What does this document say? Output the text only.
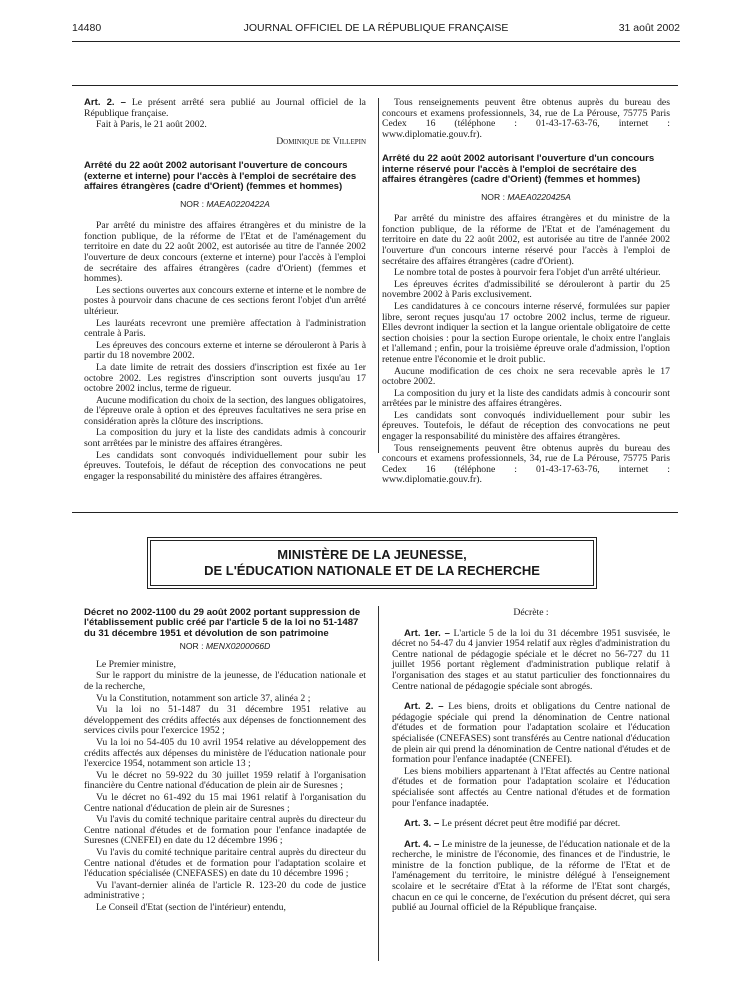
14480	JOURNAL OFFICIEL DE LA RÉPUBLIQUE FRANÇAISE	31 août 2002

Art. 2. – Le présent arrêté sera publié au Journal officiel de la République française.

Fait à Paris, le 21 août 2002.

Dominique de Villepin

Arrêté du 22 août 2002 autorisant l'ouverture de concours (externe et interne) pour l'accès à l'emploi de secrétaire des affaires étrangères (cadre d'Orient) (femmes et hommes)
NOR : MAEA0220422A

Par arrêté du ministre des affaires étrangères et du ministre de la fonction publique, de la réforme de l'Etat et de l'aménagement du territoire en date du 22 août 2002, est autorisée au titre de l'année 2002 l'ouverture de deux concours (externe et interne) pour l'accès à l'emploi de secrétaire des affaires étrangères (cadre d'Orient) (femmes et hommes).

Les sections ouvertes aux concours externe et interne et le nombre de postes à pourvoir dans chacune de ces sections feront l'objet d'un arrêté ultérieur.

Les lauréats recevront une première affectation à l'administration centrale à Paris.

Les épreuves des concours externe et interne se dérouleront à Paris à partir du 18 novembre 2002.

La date limite de retrait des dossiers d'inscription est fixée au 1er octobre 2002. Les registres d'inscription sont ouverts jusqu'au 17 octobre 2002 inclus, terme de rigueur.

Aucune modification du choix de la section, des langues obligatoires, de l'épreuve orale à option et des épreuves facultatives ne sera prise en considération après la clôture des inscriptions.

La composition du jury et la liste des candidats admis à concourir sont arrêtées par le ministre des affaires étrangères.

Les candidats sont convoqués individuellement pour subir les épreuves. Toutefois, le défaut de réception des convocations ne peut engager la responsabilité du ministère des affaires étrangères.

Tous renseignements peuvent être obtenus auprès du bureau des concours et examens professionnels, 34, rue de La Pérouse, 75775 Paris Cedex 16 (téléphone : 01-43-17-63-76, internet : www.diplomatie.gouv.fr).

Arrêté du 22 août 2002 autorisant l'ouverture d'un concours interne réservé pour l'accès à l'emploi de secrétaire des affaires étrangères (cadre d'Orient) (femmes et hommes)
NOR : MAEA0220425A

Par arrêté du ministre des affaires étrangères et du ministre de la fonction publique, de la réforme de l'Etat et de l'aménagement du territoire en date du 22 août 2002, est autorisée au titre de l'année 2002 l'ouverture d'un concours interne réservé pour l'accès à l'emploi de secrétaire des affaires étrangères (cadre d'Orient).

Le nombre total de postes à pourvoir fera l'objet d'un arrêté ultérieur.

Les épreuves écrites d'admissibilité se dérouleront à partir du 25 novembre 2002 à Paris exclusivement.

Les candidatures à ce concours interne réservé, formulées sur papier libre, seront reçues jusqu'au 17 octobre 2002 inclus, terme de rigueur. Elles devront indiquer la section et la langue orientale obligatoire de cette section choisies : pour la section Europe orientale, le choix entre l'anglais et l'allemand ; enfin, pour la troisième épreuve orale d'admission, l'option retenue entre l'économie et le droit public.

Aucune modification de ces choix ne sera recevable après le 17 octobre 2002.

La composition du jury et la liste des candidats admis à concourir sont arrêtées par le ministre des affaires étrangères.

Les candidats sont convoqués individuellement pour subir les épreuves. Toutefois, le défaut de réception des convocations ne peut engager la responsabilité du ministère des affaires étrangères.

Tous renseignements peuvent être obtenus auprès du bureau des concours et examens professionnels, 34, rue de La Pérouse, 75775 Paris Cedex 16 (téléphone : 01-43-17-63-76, internet : www.diplomatie.gouv.fr).

MINISTÈRE DE LA JEUNESSE,
DE L'ÉDUCATION NATIONALE ET DE LA RECHERCHE
Décret no 2002-1100 du 29 août 2002 portant suppression de l'établissement public créé par l'article 5 de la loi no 51-1487 du 31 décembre 1951 et dévolution de son patrimoine
NOR : MENX0200066D

Le Premier ministre,

Sur le rapport du ministre de la jeunesse, de l'éducation nationale et de la recherche,

Vu la Constitution, notamment son article 37, alinéa 2 ;

Vu la loi no 51-1487 du 31 décembre 1951 relative au développement des crédits affectés aux dépenses de fonctionnement des services civils pour l'exercice 1952 ;

Vu la loi no 54-405 du 10 avril 1954 relative au développement des crédits affectés aux dépenses du ministère de l'éducation nationale pour l'exercice 1954, notamment son article 13 ;

Vu le décret no 59-922 du 30 juillet 1959 relatif à l'organisation financière du Centre national d'éducation de plein air de Suresnes ;

Vu le décret no 61-492 du 15 mai 1961 relatif à l'organisation du Centre national d'éducation de plein air de Suresnes ;

Vu l'avis du comité technique paritaire central auprès du directeur du Centre national d'études et de formation pour l'enfance inadaptée de Suresnes (CNEFEI) en date du 12 décembre 1996 ;

Vu l'avis du comité technique paritaire central auprès du directeur du Centre national d'études et de formation pour l'adaptation scolaire et l'éducation spécialisée (CNEFASES) en date du 10 décembre 1996 ;

Vu l'avant-dernier alinéa de l'article R. 123-20 du code de justice administrative ;

Le Conseil d'Etat (section de l'intérieur) entendu,

Décrète :

Art. 1er. – L'article 5 de la loi du 31 décembre 1951 susvisée, le décret no 54-47 du 4 janvier 1954 relatif aux règles d'administration du Centre national de pédagogie spéciale et le décret no 56-727 du 11 juillet 1956 portant règlement d'administration publique relatif à l'organisation des stages et au statut particulier des fonctionnaires du Centre national de pédagogie spéciale sont abrogés.

Art. 2. – Les biens, droits et obligations du Centre national de pédagogie spéciale qui prend la dénomination de Centre national d'études et de formation pour l'adaptation scolaire et l'éducation spécialisée (CNEFASES) sont transférés au Centre national d'éducation de plein air qui prend la dénomination de Centre national d'études et de formation pour l'enfance inadaptée (CNEFEI).

Les biens mobiliers appartenant à l'Etat affectés au Centre national d'études et de formation pour l'adaptation scolaire et l'éducation spécialisée sont affectés au Centre national d'études et de formation pour l'enfance inadaptée.

Art. 3. – Le présent décret peut être modifié par décret.

Art. 4. – Le ministre de la jeunesse, de l'éducation nationale et de la recherche, le ministre de l'économie, des finances et de l'industrie, le ministre de la fonction publique, de la réforme de l'Etat et de l'aménagement du territoire, le ministre délégué à l'enseignement scolaire et le secrétaire d'Etat à la réforme de l'Etat sont chargés, chacun en ce qui le concerne, de l'exécution du présent décret, qui sera publié au Journal officiel de la République française.
